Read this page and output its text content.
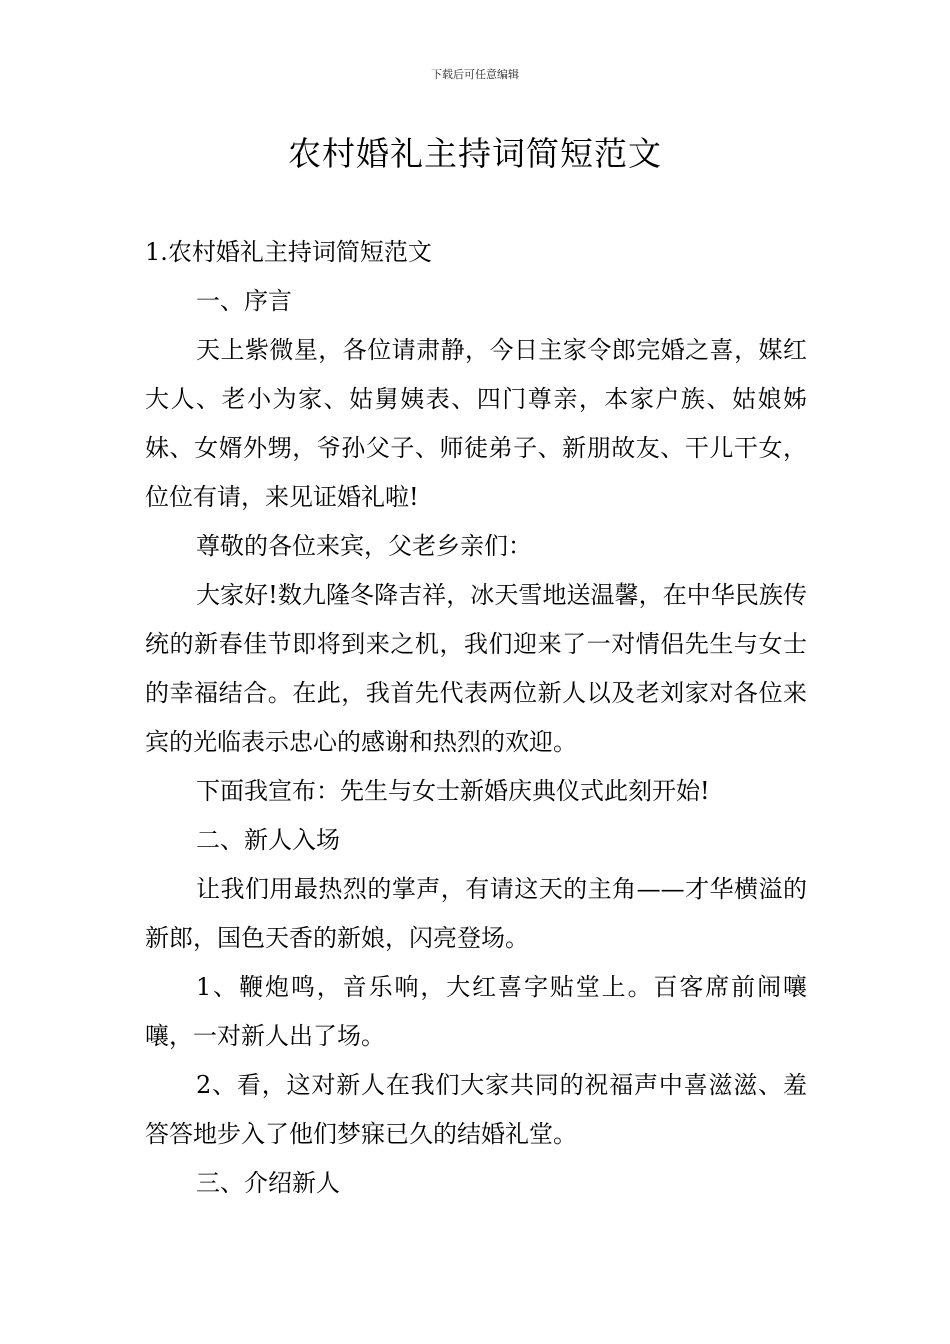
下载后可任意编辑
农村婚礼主持词简短范文

1.农村婚礼主持词简短范文

一、序言

天上紫微星，各位请肃静，今日主家令郎完婚之喜，媒红大人、老小为家、姑舅姨表、四门尊亲，本家户族、姑娘姊妹、女婿外甥，爷孙父子、师徒弟子、新朋故友、干儿干女，位位有请，来见证婚礼啦!

尊敬的各位来宾，父老乡亲们：

大家好!数九隆冬降吉祥，冰天雪地送温馨，在中华民族传统的新春佳节即将到来之机，我们迎来了一对情侣先生与女士的幸福结合。在此，我首先代表两位新人以及老刘家对各位来宾的光临表示忠心的感谢和热烈的欢迎。

下面我宣布：先生与女士新婚庆典仪式此刻开始!

二、新人入场

让我们用最热烈的掌声，有请这天的主角——才华横溢的新郎，国色天香的新娘，闪亮登场。

1、鞭炮鸣，音乐响，大红喜字贴堂上。百客席前闹嚷嚷，一对新人出了场。

2、看，这对新人在我们大家共同的祝福声中喜滋滋、羞答答地步入了他们梦寐已久的结婚礼堂。

三、介绍新人
